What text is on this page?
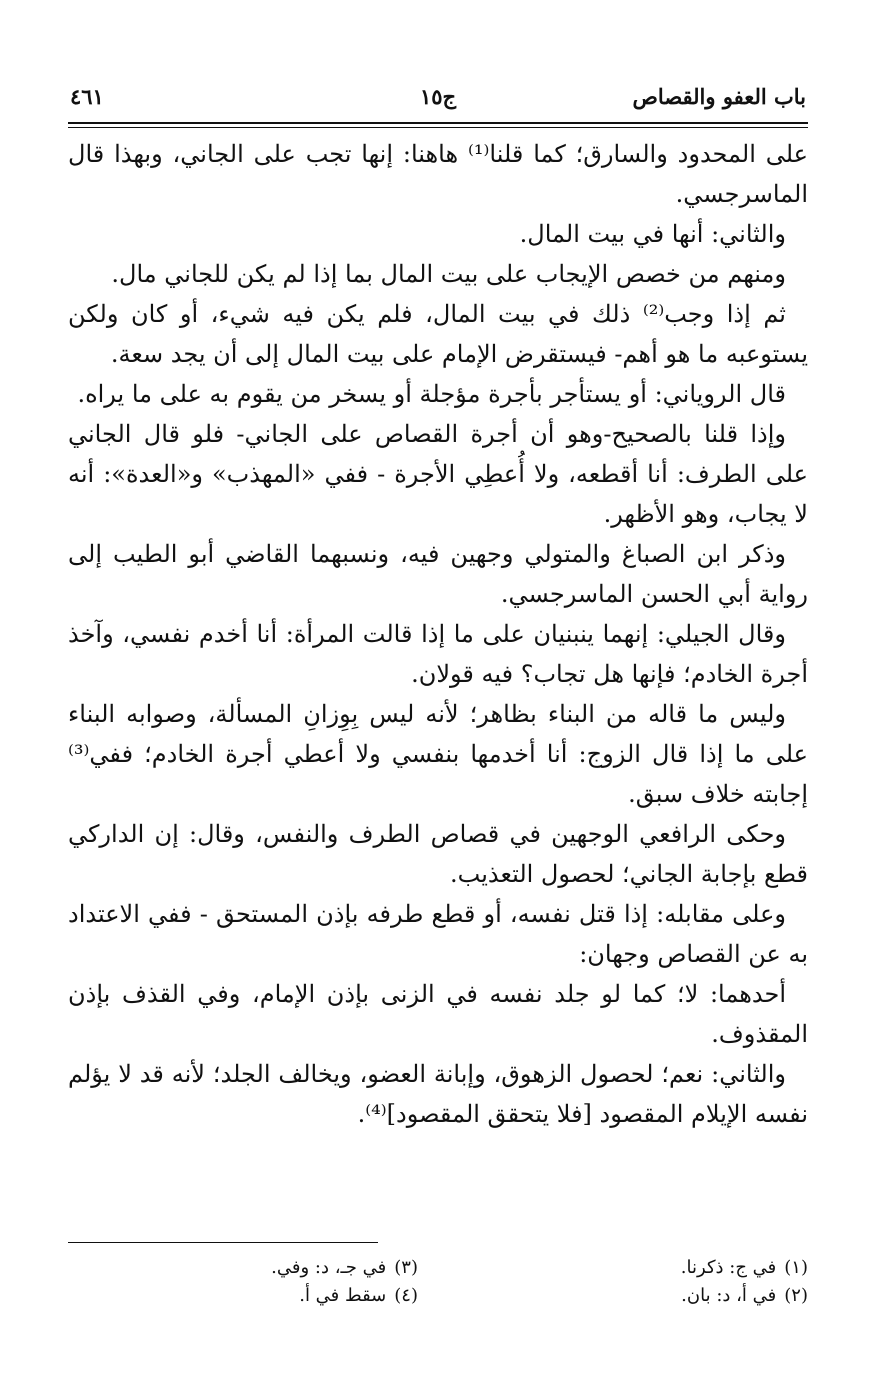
باب العفو والقصاص
ج١٥
٤٦١

على المحدود والسارق؛ كما قلنا⁽¹⁾ هاهنا: إنها تجب على الجاني، وبهذا قال الماسرجسي.

والثاني: أنها في بيت المال.

ومنهم من خصص الإيجاب على بيت المال بما إذا لم يكن للجاني مال.

ثم إذا وجب⁽²⁾ ذلك في بيت المال، فلم يكن فيه شيء، أو كان ولكن يستوعبه ما هو أهم- فيستقرض الإمام على بيت المال إلى أن يجد سعة.

قال الروياني: أو يستأجر بأجرة مؤجلة أو يسخر من يقوم به على ما يراه.

وإذا قلنا بالصحيح-وهو أن أجرة القصاص على الجاني- فلو قال الجاني على الطرف: أنا أقطعه، ولا أُعطِي الأجرة - ففي «المهذب» و«العدة»: أنه لا يجاب، وهو الأظهر.

وذكر ابن الصباغ والمتولي وجهين فيه، ونسبهما القاضي أبو الطيب إلى رواية أبي الحسن الماسرجسي.

وقال الجيلي: إنهما ينبنيان على ما إذا قالت المرأة: أنا أخدم نفسي، وآخذ أجرة الخادم؛ فإنها هل تجاب؟ فيه قولان.

وليس ما قاله من البناء بظاهر؛ لأنه ليس بِوِزانِ المسألة، وصوابه البناء على ما إذا قال الزوج: أنا أخدمها بنفسي ولا أعطي أجرة الخادم؛ ففي⁽³⁾ إجابته خلاف سبق.

وحكى الرافعي الوجهين في قصاص الطرف والنفس، وقال: إن الداركي قطع بإجابة الجاني؛ لحصول التعذيب.

وعلى مقابله: إذا قتل نفسه، أو قطع طرفه بإذن المستحق - ففي الاعتداد به عن القصاص وجهان:

أحدهما: لا؛ كما لو جلد نفسه في الزنى بإذن الإمام، وفي القذف بإذن المقذوف.

والثاني: نعم؛ لحصول الزهوق، وإبانة العضو، ويخالف الجلد؛ لأنه قد لا يؤلم نفسه الإيلام المقصود [فلا يتحقق المقصود]⁽⁴⁾.

(١)في ج: ذكرنا.
(٢)في أ، د: بان.
(٣)في جـ، د: وفي.
(٤)سقط في أ.
